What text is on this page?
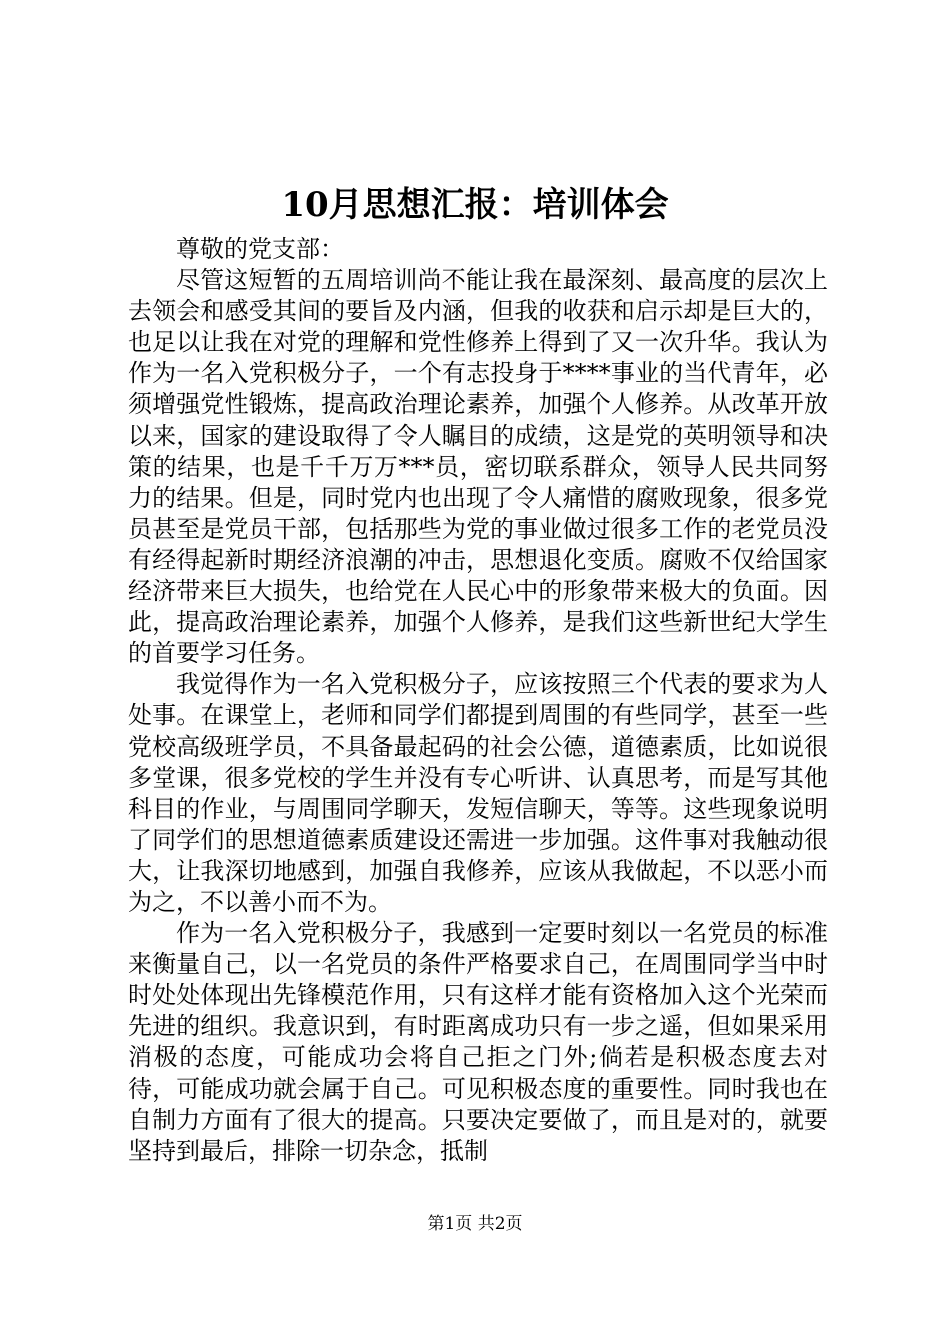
10月思想汇报：培训体会
尊敬的党支部：

尽管这短暂的五周培训尚不能让我在最深刻、最高度的层次上去领会和感受其间的要旨及内涵，但我的收获和启示却是巨大的，也足以让我在对党的理解和党性修养上得到了又一次升华。我认为作为一名入党积极分子，一个有志投身于****事业的当代青年，必须增强党性锻炼，提高政治理论素养，加强个人修养。从改革开放以来，国家的建设取得了令人瞩目的成绩，这是党的英明领导和决策的结果，也是千千万万***员，密切联系群众，领导人民共同努力的结果。但是，同时党内也出现了令人痛惜的腐败现象，很多党员甚至是党员干部，包括那些为党的事业做过很多工作的老党员没有经得起新时期经济浪潮的冲击，思想退化变质。腐败不仅给国家经济带来巨大损失，也给党在人民心中的形象带来极大的负面。因此，提高政治理论素养，加强个人修养，是我们这些新世纪大学生的首要学习任务。

我觉得作为一名入党积极分子，应该按照三个代表的要求为人处事。在课堂上，老师和同学们都提到周围的有些同学，甚至一些党校高级班学员，不具备最起码的社会公德，道德素质，比如说很多堂课，很多党校的学生并没有专心听讲、认真思考，而是写其他科目的作业，与周围同学聊天，发短信聊天，等等。这些现象说明了同学们的思想道德素质建设还需进一步加强。这件事对我触动很大，让我深切地感到，加强自我修养，应该从我做起，不以恶小而为之，不以善小而不为。

作为一名入党积极分子，我感到一定要时刻以一名党员的标准来衡量自己，以一名党员的条件严格要求自己，在周围同学当中时时处处体现出先锋模范作用，只有这样才能有资格加入这个光荣而先进的组织。我意识到，有时距离成功只有一步之遥，但如果采用消极的态度，可能成功会将自己拒之门外;倘若是积极态度去对待，可能成功就会属于自己。可见积极态度的重要性。同时我也在自制力方面有了很大的提高。只要决定要做了，而且是对的，就要坚持到最后，排除一切杂念，抵制

第1页 共2页
